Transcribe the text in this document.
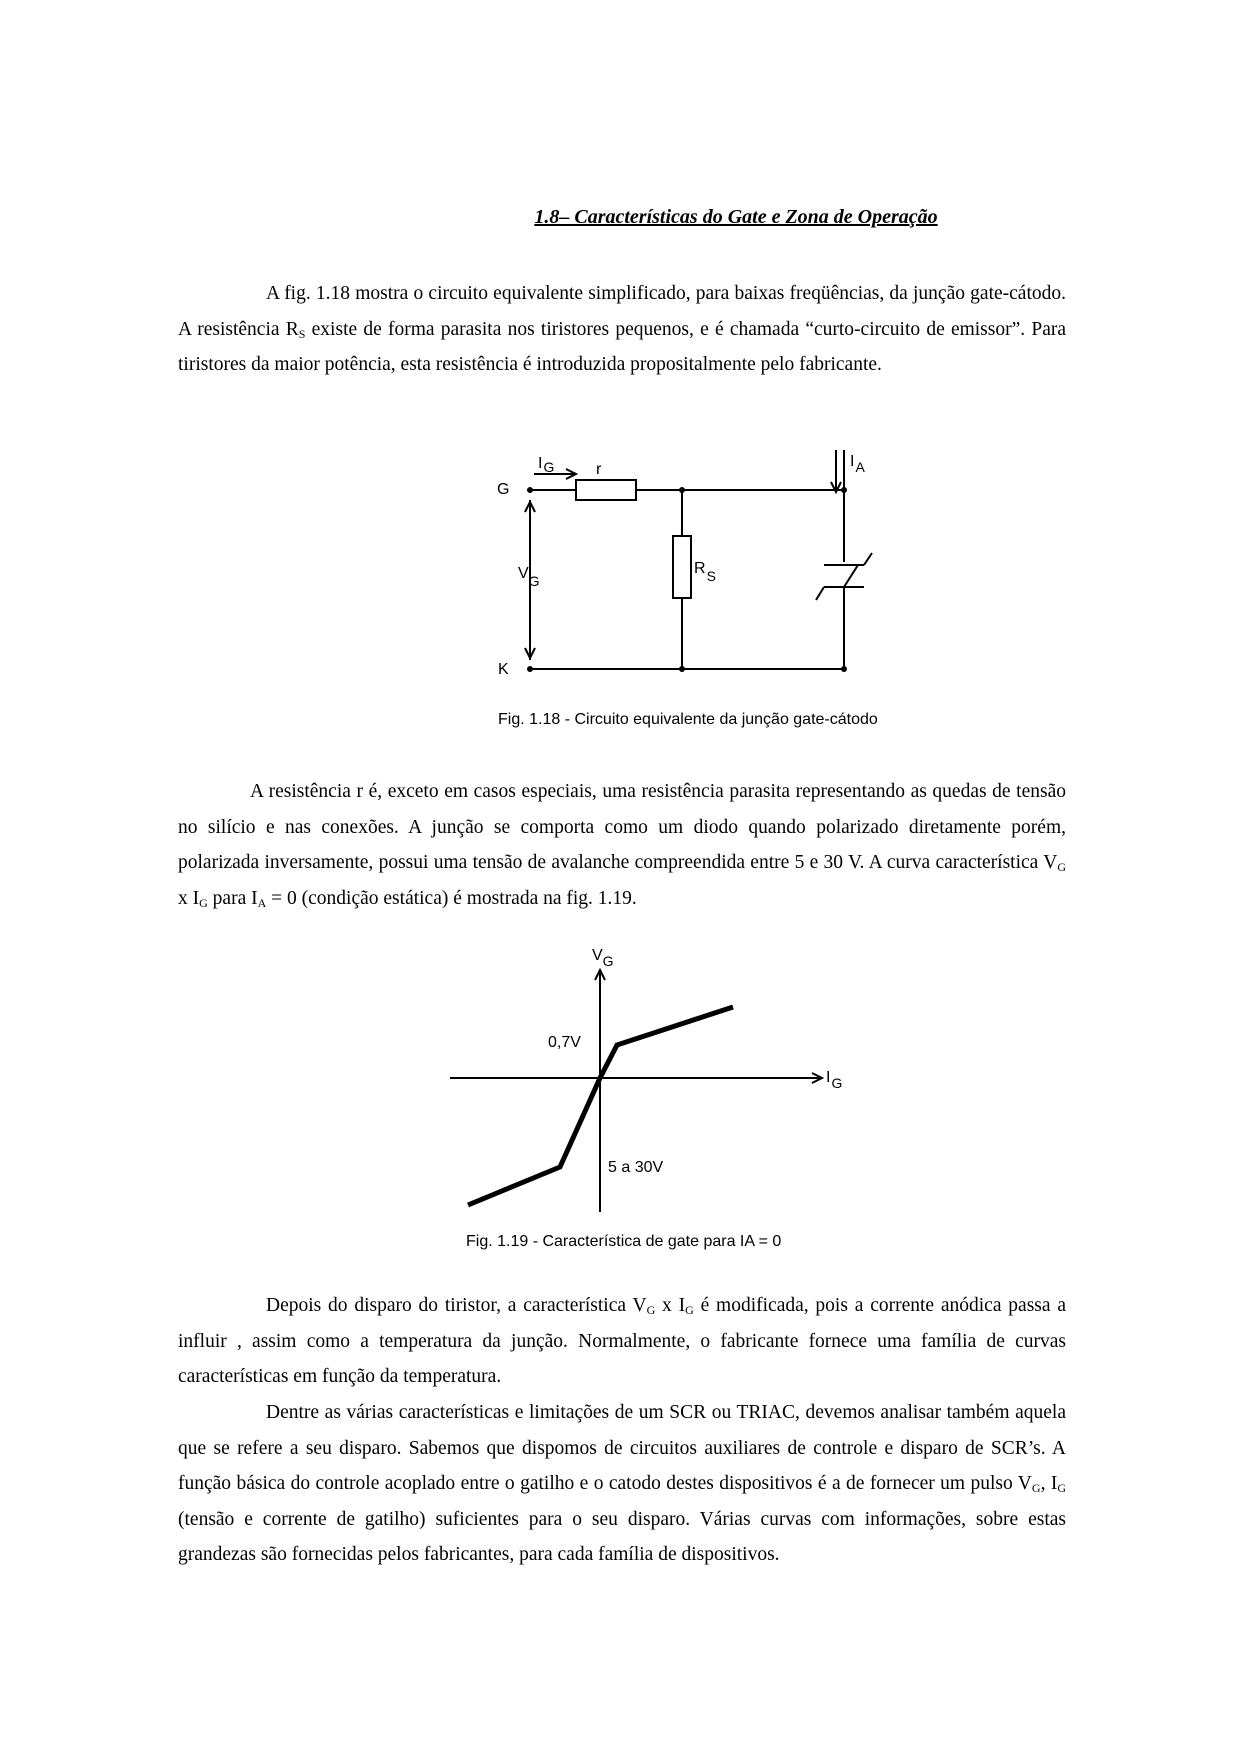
1.8– Características do Gate e Zona de Operação

A fig. 1.18 mostra o circuito equivalente simplificado, para baixas freqüências, da junção gate-cátodo. A resistência $R_S$ existe de forma parasita nos tiristores pequenos, e é chamada “curto-circuito de emissor”. Para tiristores da maior potência, esta resistência é introduzida propositalmente pelo fabricante.

G
K
IG	r
VG
RS
IA
Fig. 1.18 - Circuito equivalente da junção gate-cátodo

A resistência r é, exceto em casos especiais, uma resistência parasita representando as quedas de tensão no silício e nas conexões. A junção se comporta como um diodo quando polarizado diretamente porém, polarizada inversamente, possui uma tensão de avalanche compreendida entre 5 e 30 V. A curva característica $V_G$ x $I_G$ para $I_A = 0$ (condição estática) é mostrada na fig. 1.19.

VG
IG
0,7V
5 a 30V
Fig. 1.19 - Característica de gate para IA = 0

Depois do disparo do tiristor, a característica $V_G$ x $I_G$ é modificada, pois a corrente anódica passa a influir , assim como a temperatura da junção. Normalmente, o fabricante fornece uma família de curvas características em função da temperatura.

Dentre as várias características e limitações de um SCR ou TRIAC, devemos analisar também aquela que se refere a seu disparo. Sabemos que dispomos de circuitos auxiliares de controle e disparo de SCR’s. A função básica do controle acoplado entre o gatilho e o catodo destes dispositivos é a de fornecer um pulso $V_G$, $I_G$ (tensão e corrente de gatilho) suficientes para o seu disparo. Várias curvas com informações, sobre estas grandezas são fornecidas pelos fabricantes, para cada família de dispositivos.
